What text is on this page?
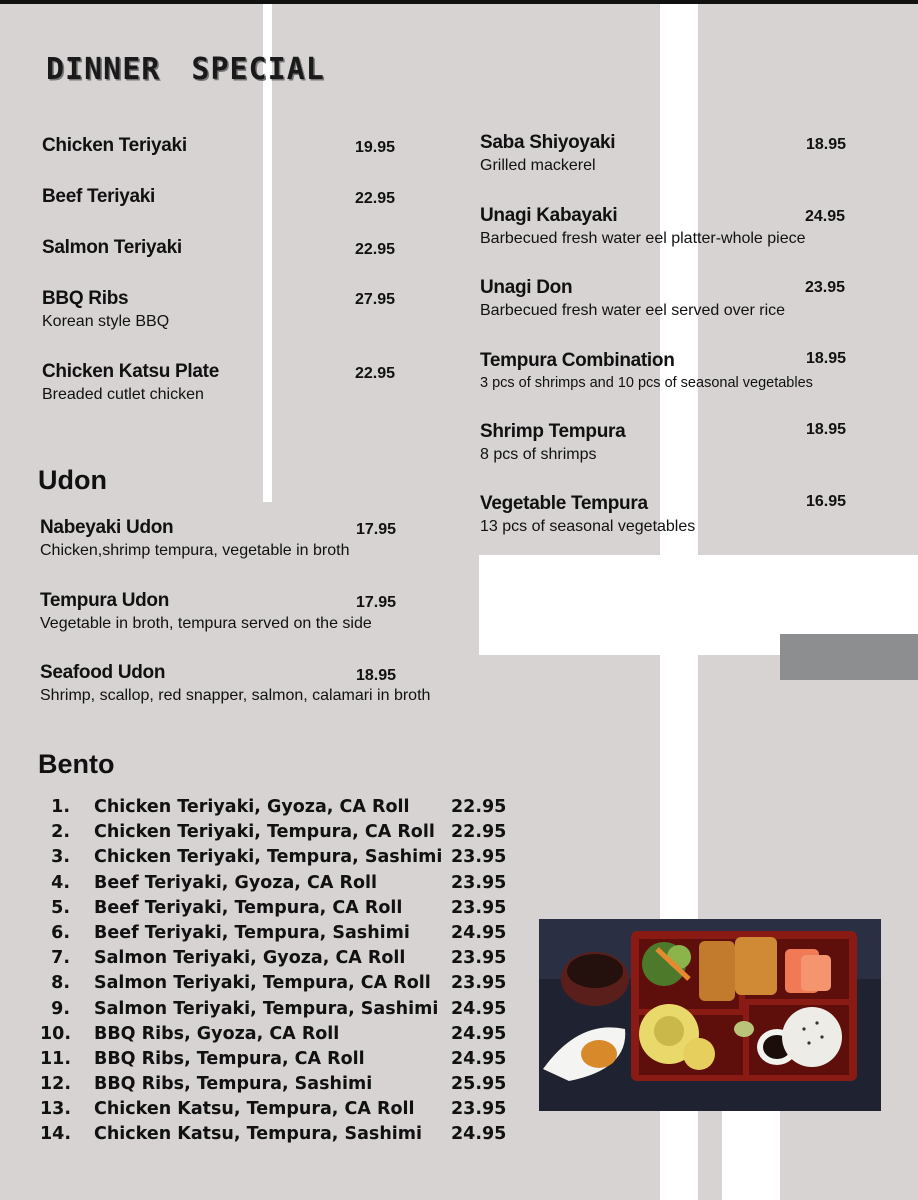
DINNER SPECIAL
Chicken Teriyaki	19.95
Beef Teriyaki	22.95
Salmon Teriyaki	22.95
BBQ Ribs
Korean style BBQ
27.95
Chicken Katsu Plate
Breaded cutlet chicken
22.95
Saba Shiyoyaki
Grilled mackerel
18.95
Unagi Kabayaki
Barbecued fresh water eel platter-whole piece
24.95
Unagi Don
Barbecued fresh water eel served over rice
23.95
Tempura Combination
3 pcs of shrimps and 10 pcs of seasonal vegetables
18.95
Shrimp Tempura
8 pcs of shrimps
18.95
Vegetable Tempura
13 pcs of seasonal vegetables
16.95
Udon
Nabeyaki Udon
Chicken,shrimp tempura, vegetable in broth
17.95
Tempura Udon
Vegetable in broth, tempura served on the side
17.95
Seafood Udon
Shrimp, scallop, red snapper, salmon, calamari in broth
18.95
Bento
1. Chicken Teriyaki, Gyoza, CA Roll 22.95
2. Chicken Teriyaki, Tempura, CA Roll 22.95
3. Chicken Teriyaki, Tempura, Sashimi 23.95
4. Beef Teriyaki, Gyoza, CA Roll	23.95
5. Beef Teriyaki, Tempura, CA Roll	23.95
6. Beef Teriyaki, Tempura, Sashimi 24.95
7. Salmon Teriyaki, Gyoza, CA Roll	23.95
8. Salmon Teriyaki, Tempura, CA Roll 23.95
9. Salmon Teriyaki, Tempura, Sashimi 24.95
10. BBQ Ribs, Gyoza, CA Roll	24.95
11. BBQ Ribs, Tempura, CA Roll	24.95
12. BBQ Ribs, Tempura, Sashimi	25.95
13. Chicken Katsu, Tempura, CA Roll 23.95
14. Chicken Katsu, Tempura, Sashimi 24.95
